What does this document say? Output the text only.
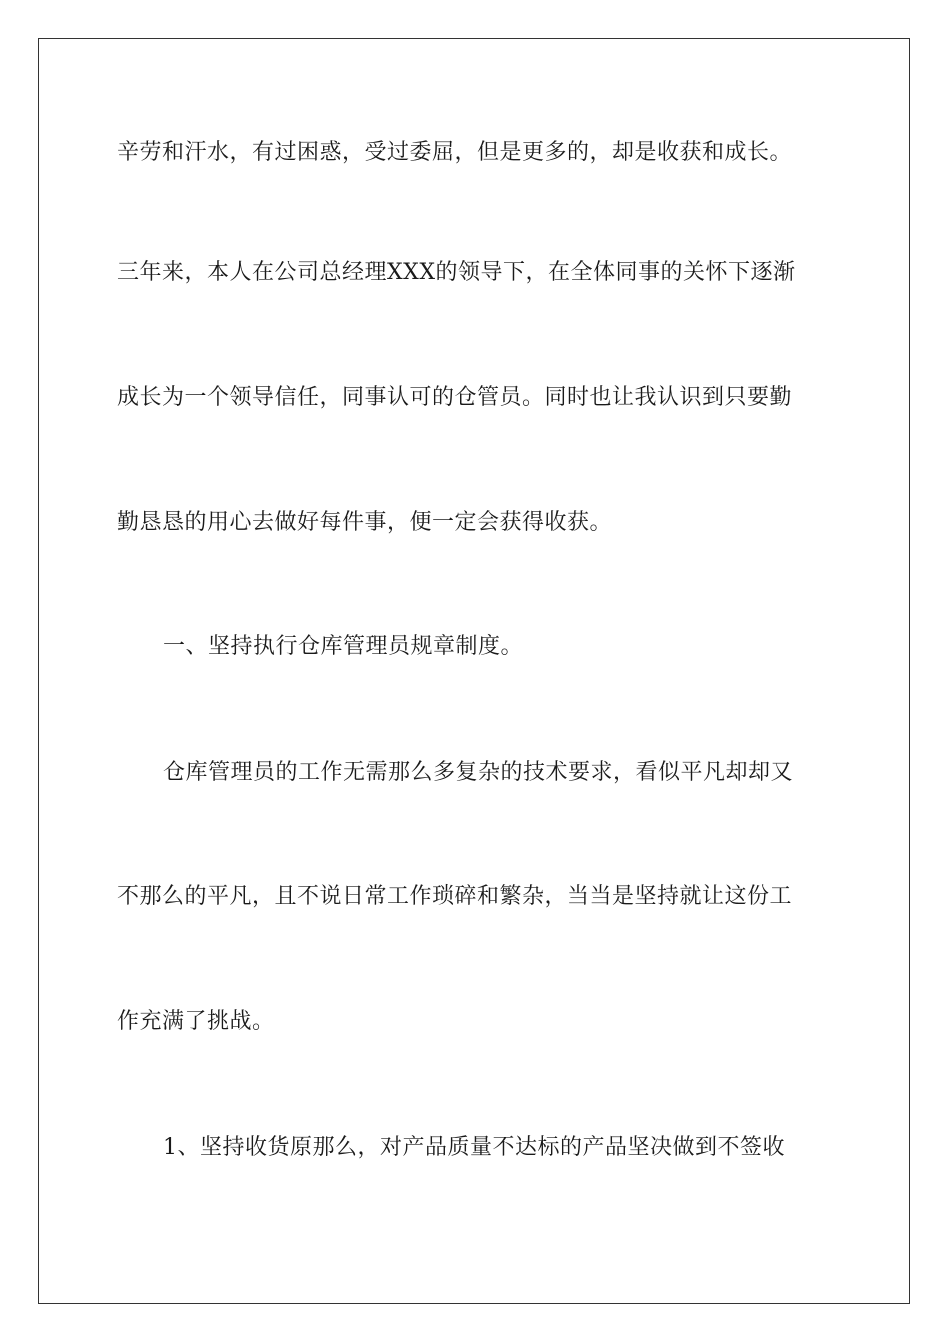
辛劳和汗水，有过困惑，受过委屈，但是更多的，却是收获和成长。
三年来，本人在公司总经理XXX的领导下，在全体同事的关怀下逐渐
成长为一个领导信任，同事认可的仓管员。同时也让我认识到只要勤
勤恳恳的用心去做好每件事，便一定会获得收获。
一、坚持执行仓库管理员规章制度。
仓库管理员的工作无需那么多复杂的技术要求，看似平凡却却又
不那么的平凡，且不说日常工作琐碎和繁杂，当当是坚持就让这份工
作充满了挑战。
1、坚持收货原那么，对产品质量不达标的产品坚决做到不签收
